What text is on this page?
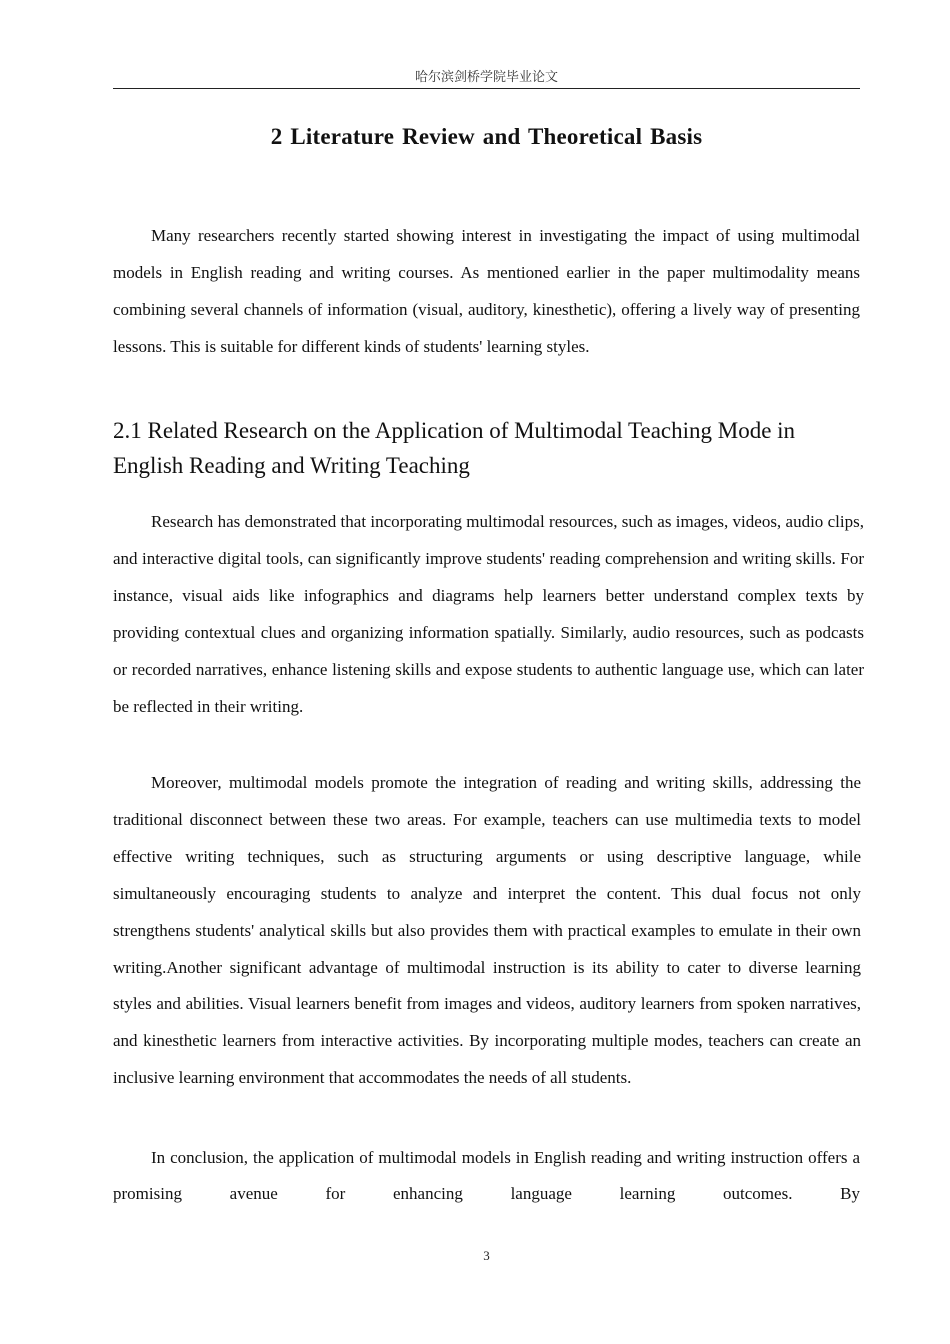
哈尔滨剑桥学院毕业论文
2 Literature Review and Theoretical Basis

Many researchers recently started showing interest in investigating the impact of using multimodal models in English reading and writing courses. As mentioned earlier in the paper multimodality means combining several channels of information (visual, auditory, kinesthetic), offering a lively way of presenting lessons. This is suitable for different kinds of students' learning styles.

2.1 Related Research on the Application of Multimodal Teaching Mode in English Reading and Writing Teaching

Research has demonstrated that incorporating multimodal resources, such as images, videos, audio clips, and interactive digital tools, can significantly improve students' reading comprehension and writing skills. For instance, visual aids like infographics and diagrams help learners better understand complex texts by providing contextual clues and organizing information spatially. Similarly, audio resources, such as podcasts or recorded narratives, enhance listening skills and expose students to authentic language use, which can later be reflected in their writing.

Moreover, multimodal models promote the integration of reading and writing skills, addressing the traditional disconnect between these two areas. For example, teachers can use multimedia texts to model effective writing techniques, such as structuring arguments or using descriptive language, while simultaneously encouraging students to analyze and interpret the content. This dual focus not only strengthens students' analytical skills but also provides them with practical examples to emulate in their own writing.Another significant advantage of multimodal instruction is its ability to cater to diverse learning styles and abilities. Visual learners benefit from images and videos, auditory learners from spoken narratives, and kinesthetic learners from interactive activities. By incorporating multiple modes, teachers can create an inclusive learning environment that accommodates the needs of all students.

In conclusion, the application of multimodal models in English reading and writing instruction offers a promising avenue for enhancing language learning outcomes. By

3
